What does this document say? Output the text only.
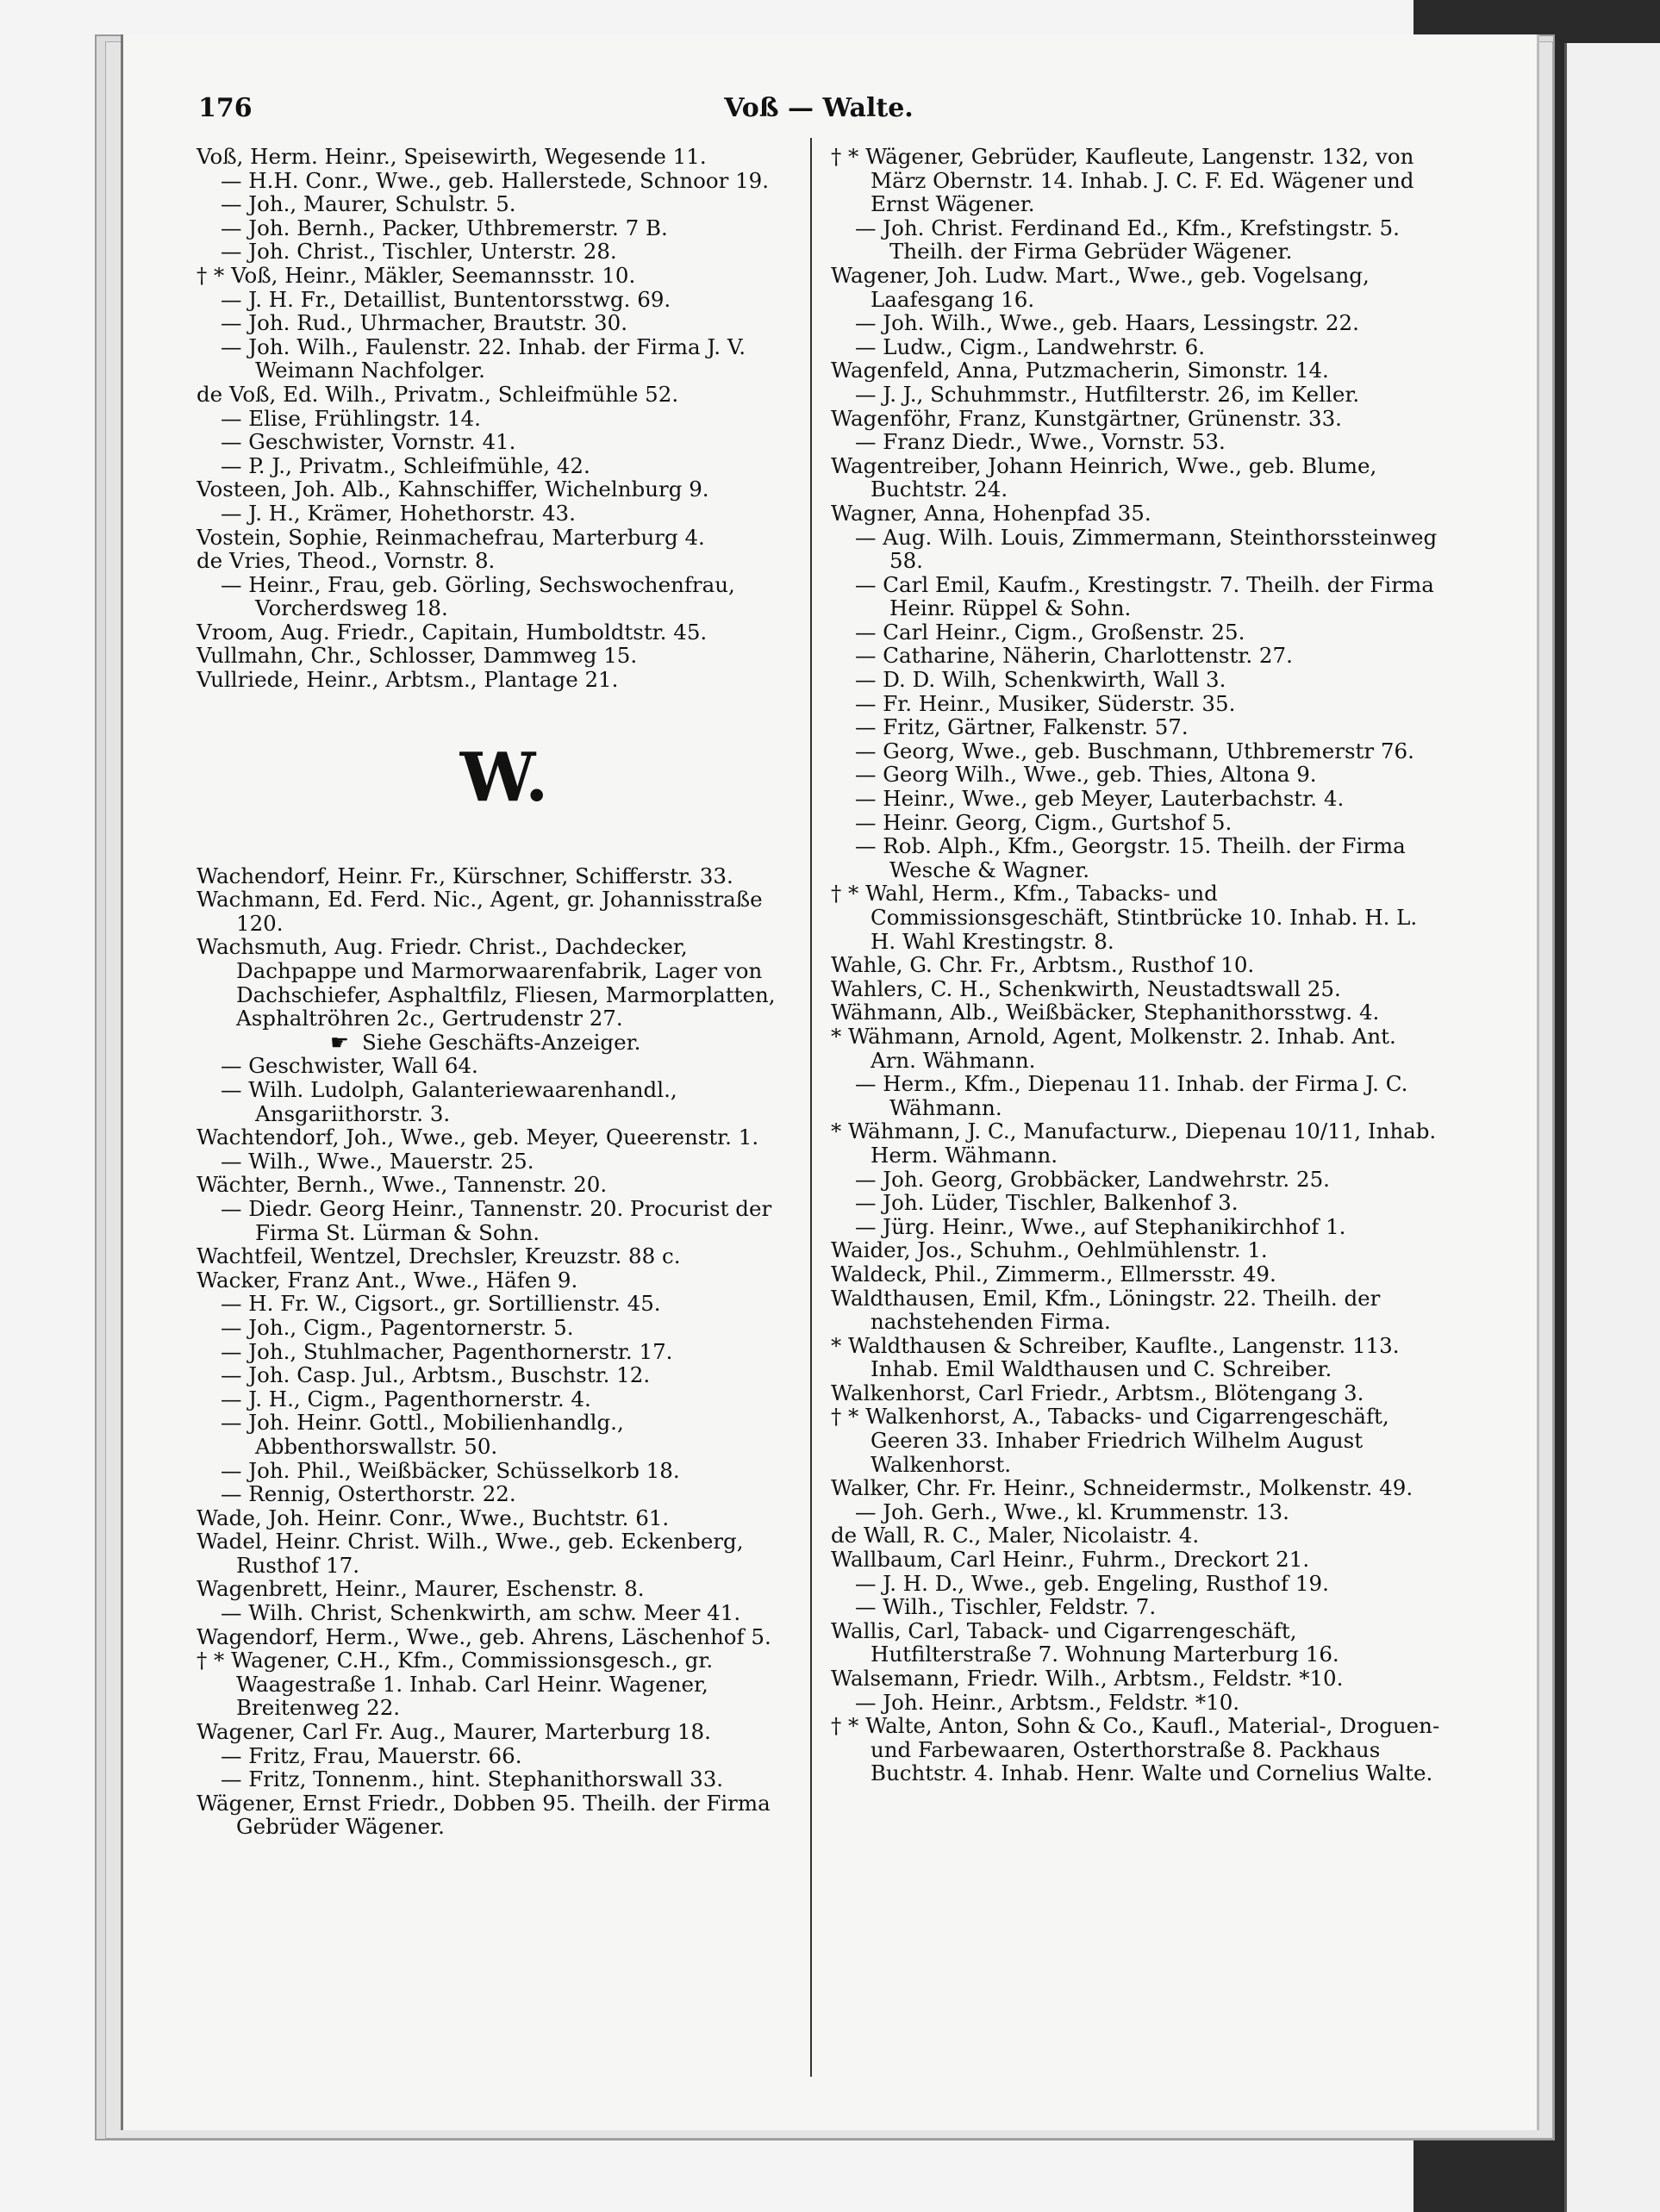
176	Voß — Walte.
Voß, Herm. Heinr., Speisewirth, Wegesende 11.
— H.H. Conr., Wwe., geb. Hallerstede, Schnoor 19.
— Joh., Maurer, Schulstr. 5.
— Joh. Bernh., Packer, Uthbremerstr. 7 B.
— Joh. Christ., Tischler, Unterstr. 28.
† * Voß, Heinr., Mäkler, Seemannsstr. 10.
— J. H. Fr., Detaillist, Buntentorsstwg. 69.
— Joh. Rud., Uhrmacher, Brautstr. 30.
— Joh. Wilh., Faulenstr. 22. Inhab. der Firma J. V. Weimann Nachfolger.
de Voß, Ed. Wilh., Privatm., Schleifmühle 52.
— Elise, Frühlingstr. 14.
— Geschwister, Vornstr. 41.
— P. J., Privatm., Schleifmühle, 42.
Vosteen, Joh. Alb., Kahnschiffer, Wichelnburg 9.
— J. H., Krämer, Hohethorstr. 43.
Vostein, Sophie, Reinmachefrau, Marterburg 4.
de Vries, Theod., Vornstr. 8.
— Heinr., Frau, geb. Görling, Sechswochenfrau, Vorcherdsweg 18.
Vroom, Aug. Friedr., Capitain, Humboldtstr. 45.
Vullmahn, Chr., Schlosser, Dammweg 15.
Vullriede, Heinr., Arbtsm., Plantage 21.
W.
Wachendorf, Heinr. Fr., Kürschner, Schifferstr. 33.
Wachmann, Ed. Ferd. Nic., Agent, gr. Johannisstraße 120.
Wachsmuth, Aug. Friedr. Christ., Dachdecker, Dachpappe und Marmorwaarenfabrik, Lager von Dachschiefer, Asphaltfilz, Fliesen, Marmorplatten, Asphaltröhren 2c., Gertrudenstr 27.
☛ Siehe Geschäfts-Anzeiger.
— Geschwister, Wall 64.
— Wilh. Ludolph, Galanteriewaarenhandl., Ansgariithorstr. 3.
Wachtendorf, Joh., Wwe., geb. Meyer, Queerenstr. 1.
— Wilh., Wwe., Mauerstr. 25.
Wächter, Bernh., Wwe., Tannenstr. 20.
— Diedr. Georg Heinr., Tannenstr. 20. Procurist der Firma St. Lürman & Sohn.
Wachtfeil, Wentzel, Drechsler, Kreuzstr. 88 c.
Wacker, Franz Ant., Wwe., Häfen 9.
— H. Fr. W., Cigsort., gr. Sortillienstr. 45.
— Joh., Cigm., Pagentornerstr. 5.
— Joh., Stuhlmacher, Pagenthornerstr. 17.
— Joh. Casp. Jul., Arbtsm., Buschstr. 12.
— J. H., Cigm., Pagenthornerstr. 4.
— Joh. Heinr. Gottl., Mobilienhandlg., Abbenthorswallstr. 50.
— Joh. Phil., Weißbäcker, Schüsselkorb 18.
— Rennig, Osterthorstr. 22.
Wade, Joh. Heinr. Conr., Wwe., Buchtstr. 61.
Wadel, Heinr. Christ. Wilh., Wwe., geb. Eckenberg, Rusthof 17.
Wagenbrett, Heinr., Maurer, Eschenstr. 8.
— Wilh. Christ, Schenkwirth, am schw. Meer 41.
Wagendorf, Herm., Wwe., geb. Ahrens, Läschenhof 5.
† * Wagener, C.H., Kfm., Commissionsgesch., gr. Waagestraße 1. Inhab. Carl Heinr. Wagener, Breitenweg 22.
Wagener, Carl Fr. Aug., Maurer, Marterburg 18.
— Fritz, Frau, Mauerstr. 66.
— Fritz, Tonnenm., hint. Stephanithorswall 33.
Wägener, Ernst Friedr., Dobben 95. Theilh. der Firma Gebrüder Wägener.
† * Wägener, Gebrüder, Kaufleute, Langenstr. 132, von März Obernstr. 14. Inhab. J. C. F. Ed. Wägener und Ernst Wägener.
— Joh. Christ. Ferdinand Ed., Kfm., Krefstingstr. 5. Theilh. der Firma Gebrüder Wägener.
Wagener, Joh. Ludw. Mart., Wwe., geb. Vogelsang, Laafesgang 16.
— Joh. Wilh., Wwe., geb. Haars, Lessingstr. 22.
— Ludw., Cigm., Landwehrstr. 6.
Wagenfeld, Anna, Putzmacherin, Simonstr. 14.
— J. J., Schuhmmstr., Hutfilterstr. 26, im Keller.
Wagenföhr, Franz, Kunstgärtner, Grünenstr. 33.
— Franz Diedr., Wwe., Vornstr. 53.
Wagentreiber, Johann Heinrich, Wwe., geb. Blume, Buchtstr. 24.
Wagner, Anna, Hohenpfad 35.
— Aug. Wilh. Louis, Zimmermann, Steinthorssteinweg 58.
— Carl Emil, Kaufm., Krestingstr. 7. Theilh. der Firma Heinr. Rüppel & Sohn.
— Carl Heinr., Cigm., Großenstr. 25.
— Catharine, Näherin, Charlottenstr. 27.
— D. D. Wilh, Schenkwirth, Wall 3.
— Fr. Heinr., Musiker, Süderstr. 35.
— Fritz, Gärtner, Falkenstr. 57.
— Georg, Wwe., geb. Buschmann, Uthbremerstr 76.
— Georg Wilh., Wwe., geb. Thies, Altona 9.
— Heinr., Wwe., geb Meyer, Lauterbachstr. 4.
— Heinr. Georg, Cigm., Gurtshof 5.
— Rob. Alph., Kfm., Georgstr. 15. Theilh. der Firma Wesche & Wagner.
† * Wahl, Herm., Kfm., Tabacks- und Commissionsgeschäft, Stintbrücke 10. Inhab. H. L. H. Wahl Krestingstr. 8.
Wahle, G. Chr. Fr., Arbtsm., Rusthof 10.
Wahlers, C. H., Schenkwirth, Neustadtswall 25.
Wähmann, Alb., Weißbäcker, Stephanithorsstwg. 4.
* Wähmann, Arnold, Agent, Molkenstr. 2. Inhab. Ant. Arn. Wähmann.
— Herm., Kfm., Diepenau 11. Inhab. der Firma J. C. Wähmann.
* Wähmann, J. C., Manufacturw., Diepenau 10/11, Inhab. Herm. Wähmann.
— Joh. Georg, Grobbäcker, Landwehrstr. 25.
— Joh. Lüder, Tischler, Balkenhof 3.
— Jürg. Heinr., Wwe., auf Stephanikirchhof 1.
Waider, Jos., Schuhm., Oehlmühlenstr. 1.
Waldeck, Phil., Zimmerm., Ellmersstr. 49.
Waldthausen, Emil, Kfm., Löningstr. 22. Theilh. der nachstehenden Firma.
* Waldthausen & Schreiber, Kauflte., Langenstr. 113. Inhab. Emil Waldthausen und C. Schreiber.
Walkenhorst, Carl Friedr., Arbtsm., Blötengang 3.
† * Walkenhorst, A., Tabacks- und Cigarrengeschäft, Geeren 33. Inhaber Friedrich Wilhelm August Walkenhorst.
Walker, Chr. Fr. Heinr., Schneidermstr., Molkenstr. 49.
— Joh. Gerh., Wwe., kl. Krummenstr. 13.
de Wall, R. C., Maler, Nicolaistr. 4.
Wallbaum, Carl Heinr., Fuhrm., Dreckort 21.
— J. H. D., Wwe., geb. Engeling, Rusthof 19.
— Wilh., Tischler, Feldstr. 7.
Wallis, Carl, Taback- und Cigarrengeschäft, Hutfilterstraße 7. Wohnung Marterburg 16.
Walsemann, Friedr. Wilh., Arbtsm., Feldstr. *10.
— Joh. Heinr., Arbtsm., Feldstr. *10.
† * Walte, Anton, Sohn & Co., Kaufl., Material-, Droguen- und Farbewaaren, Osterthorstraße 8. Packhaus Buchtstr. 4. Inhab. Henr. Walte und Cornelius Walte.
